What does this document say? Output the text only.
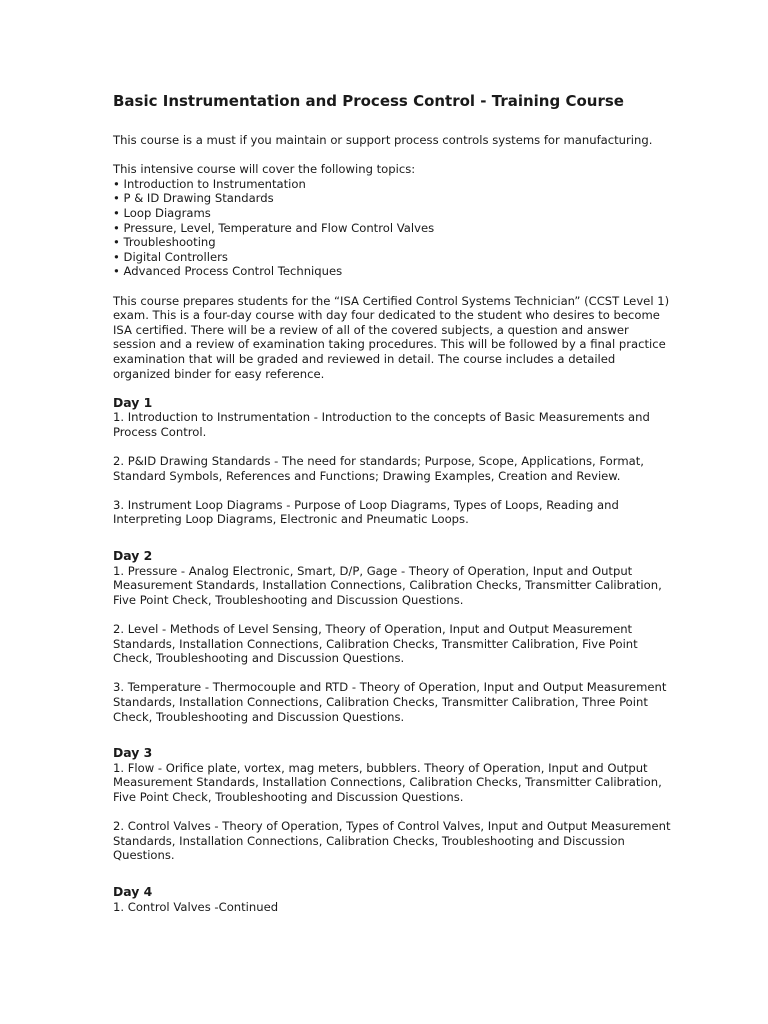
Basic Instrumentation and Process Control - Training Course

This course is a must if you maintain or support process controls systems for manufacturing.

This intensive course will cover the following topics:
• Introduction to Instrumentation
• P & ID Drawing Standards
• Loop Diagrams
• Pressure, Level, Temperature and Flow Control Valves
• Troubleshooting
• Digital Controllers
• Advanced Process Control Techniques

This course prepares students for the “ISA Certified Control Systems Technician” (CCST Level 1) exam. This is a four-day course with day four dedicated to the student who desires to become ISA certified. There will be a review of all of the covered subjects, a question and answer session and a review of examination taking procedures. This will be followed by a final practice examination that will be graded and reviewed in detail. The course includes a detailed organized binder for easy reference.

Day 1
1. Introduction to Instrumentation - Introduction to the concepts of Basic Measurements and Process Control.
2. P&ID Drawing Standards - The need for standards; Purpose, Scope, Applications, Format, Standard Symbols, References and Functions; Drawing Examples, Creation and Review.
3. Instrument Loop Diagrams - Purpose of Loop Diagrams, Types of Loops, Reading and Interpreting Loop Diagrams, Electronic and Pneumatic Loops.
Day 2
1. Pressure - Analog Electronic, Smart, D/P, Gage - Theory of Operation, Input and Output Measurement Standards, Installation Connections, Calibration Checks, Transmitter Calibration, Five Point Check, Troubleshooting and Discussion Questions.
2. Level - Methods of Level Sensing, Theory of Operation, Input and Output Measurement Standards, Installation Connections, Calibration Checks, Transmitter Calibration, Five Point Check, Troubleshooting and Discussion Questions.
3. Temperature - Thermocouple and RTD - Theory of Operation, Input and Output Measurement Standards, Installation Connections, Calibration Checks, Transmitter Calibration, Three Point Check, Troubleshooting and Discussion Questions.
Day 3
1. Flow - Orifice plate, vortex, mag meters, bubblers. Theory of Operation, Input and Output Measurement Standards, Installation Connections, Calibration Checks, Transmitter Calibration, Five Point Check, Troubleshooting and Discussion Questions.
2. Control Valves - Theory of Operation, Types of Control Valves, Input and Output Measurement Standards, Installation Connections, Calibration Checks, Troubleshooting and Discussion Questions.
Day 4
1. Control Valves -Continued
